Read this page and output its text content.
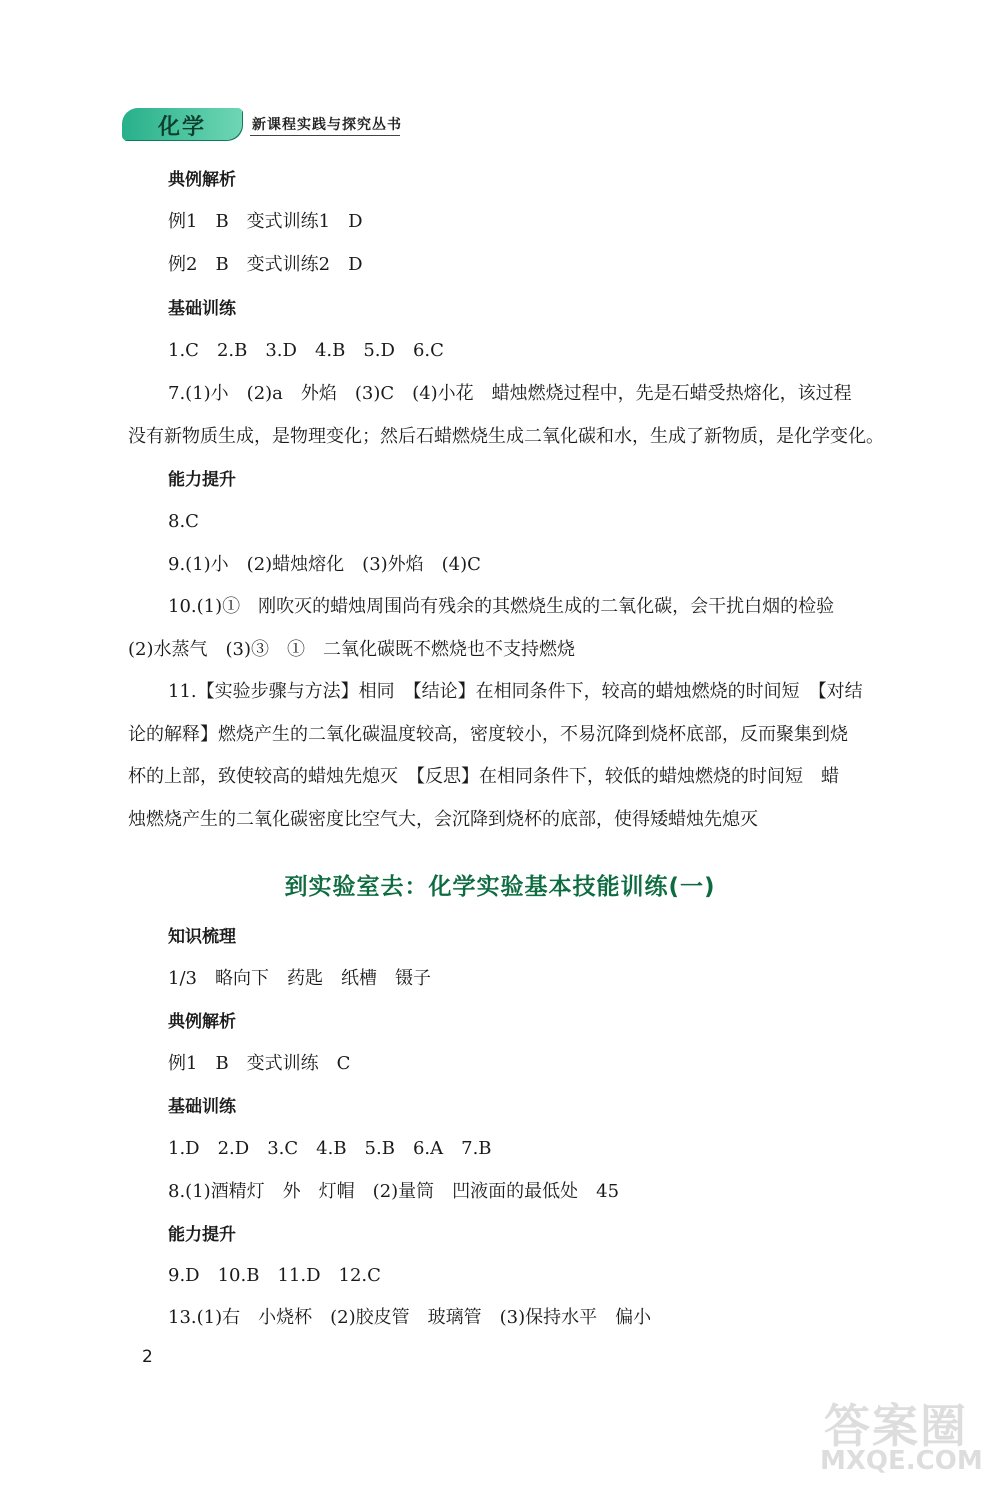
化学	新课程实践与探究丛书
典例解析
例1　B　变式训练1　D
例2　B　变式训练2　D
基础训练
1.C　2.B　3.D　4.B　5.D　6.C
7.(1)小　(2)a　外焰　(3)C　(4)小花　蜡烛燃烧过程中，先是石蜡受热熔化，该过程
没有新物质生成，是物理变化；然后石蜡燃烧生成二氧化碳和水，生成了新物质，是化学变化。
能力提升
8.C
9.(1)小　(2)蜡烛熔化　(3)外焰　(4)C
10.(1)①　刚吹灭的蜡烛周围尚有残余的其燃烧生成的二氧化碳，会干扰白烟的检验
(2)水蒸气　(3)③　①　二氧化碳既不燃烧也不支持燃烧
11.【实验步骤与方法】相同　【结论】在相同条件下，较高的蜡烛燃烧的时间短　【对结
论的解释】燃烧产生的二氧化碳温度较高，密度较小，不易沉降到烧杯底部，反而聚集到烧
杯的上部，致使较高的蜡烛先熄灭　【反思】在相同条件下，较低的蜡烛燃烧的时间短　蜡
烛燃烧产生的二氧化碳密度比空气大，会沉降到烧杯的底部，使得矮蜡烛先熄灭
到实验室去：化学实验基本技能训练(一)
知识梳理
1/3　略向下　药匙　纸槽　镊子
典例解析
例1　B　变式训练　C
基础训练
1.D　2.D　3.C　4.B　5.B　6.A　7.B
8.(1)酒精灯　外　灯帽　(2)量筒　凹液面的最低处　45
能力提升
9.D　10.B　11.D　12.C
13.(1)右　小烧杯　(2)胶皮管　玻璃管　(3)保持水平　偏小
2
答案圈
MXQE.COM
